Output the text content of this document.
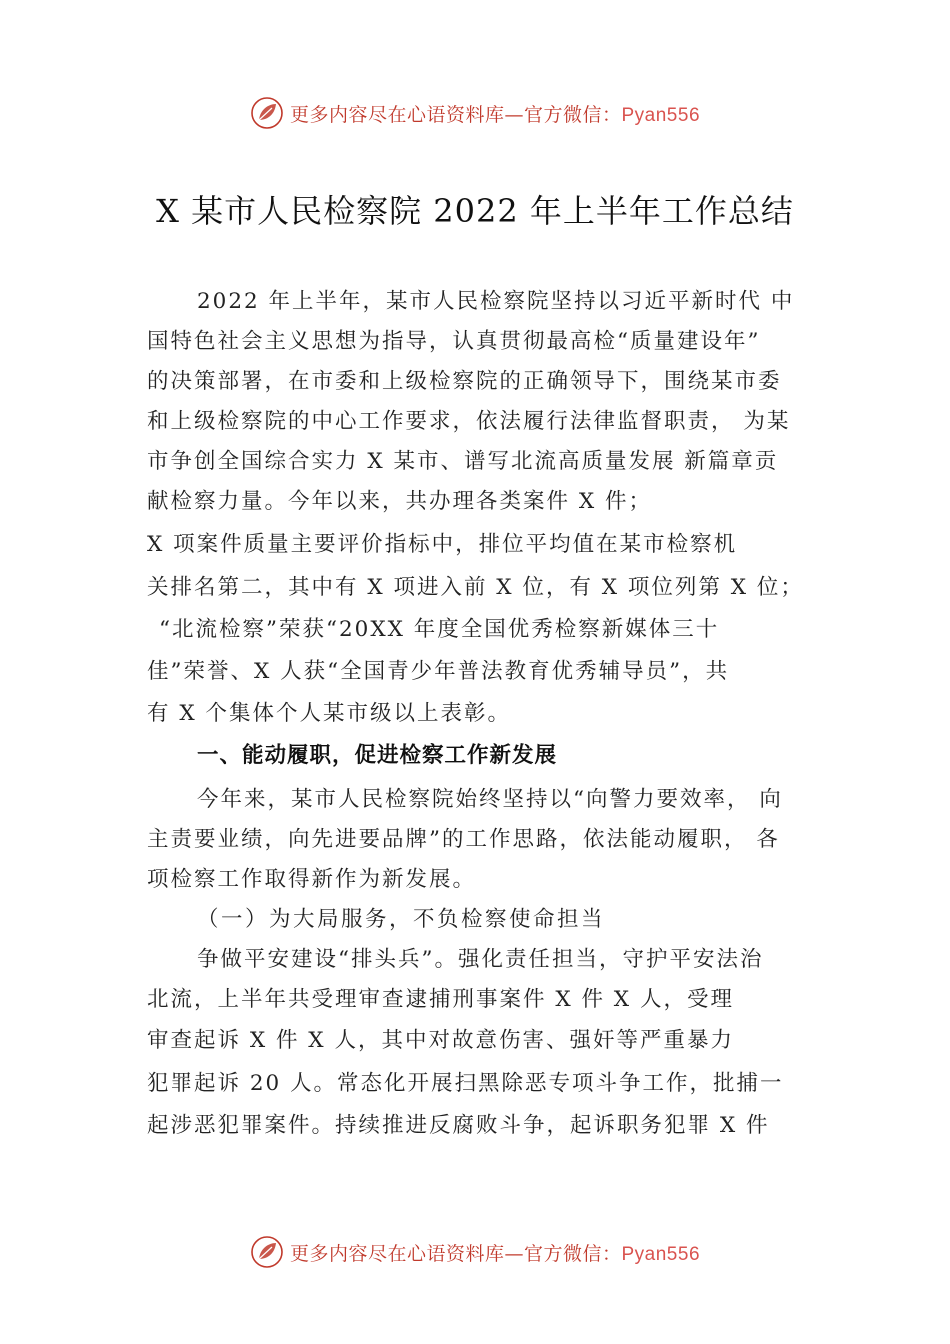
更多内容尽在心语资料库—官方微信：Pyan556
X 某市人民检察院 2022 年上半年工作总结
2022 年上半年，某市人民检察院坚持以习近平新时代 中
国特色社会主义思想为指导，认真贯彻最高检“质量建设年”
的决策部署，在市委和上级检察院的正确领导下，围绕某市委
和上级检察院的中心工作要求，依法履行法律监督职责， 为某
市争创全国综合实力 X 某市、谱写北流高质量发展 新篇章贡
献检察力量。今年以来，共办理各类案件 X 件；
X 项案件质量主要评价指标中，排位平均值在某市检察机
关排名第二，其中有 X 项进入前 X 位，有 X 项位列第 X 位；
“北流检察”荣获“20XX 年度全国优秀检察新媒体三十
佳”荣誉、X 人获“全国青少年普法教育优秀辅导员”，共
有 X 个集体个人某市级以上表彰。
一、能动履职，促进检察工作新发展
今年来，某市人民检察院始终坚持以“向警力要效率， 向
主责要业绩，向先进要品牌”的工作思路，依法能动履职， 各
项检察工作取得新作为新发展。
（一）为大局服务，不负检察使命担当
争做平安建设“排头兵”。强化责任担当，守护平安法治
北流，上半年共受理审查逮捕刑事案件 X 件 X 人，受理
审查起诉 X 件 X 人，其中对故意伤害、强奸等严重暴力
犯罪起诉 20 人。常态化开展扫黑除恶专项斗争工作，批捕一
起涉恶犯罪案件。持续推进反腐败斗争，起诉职务犯罪 X 件
更多内容尽在心语资料库—官方微信：Pyan556
